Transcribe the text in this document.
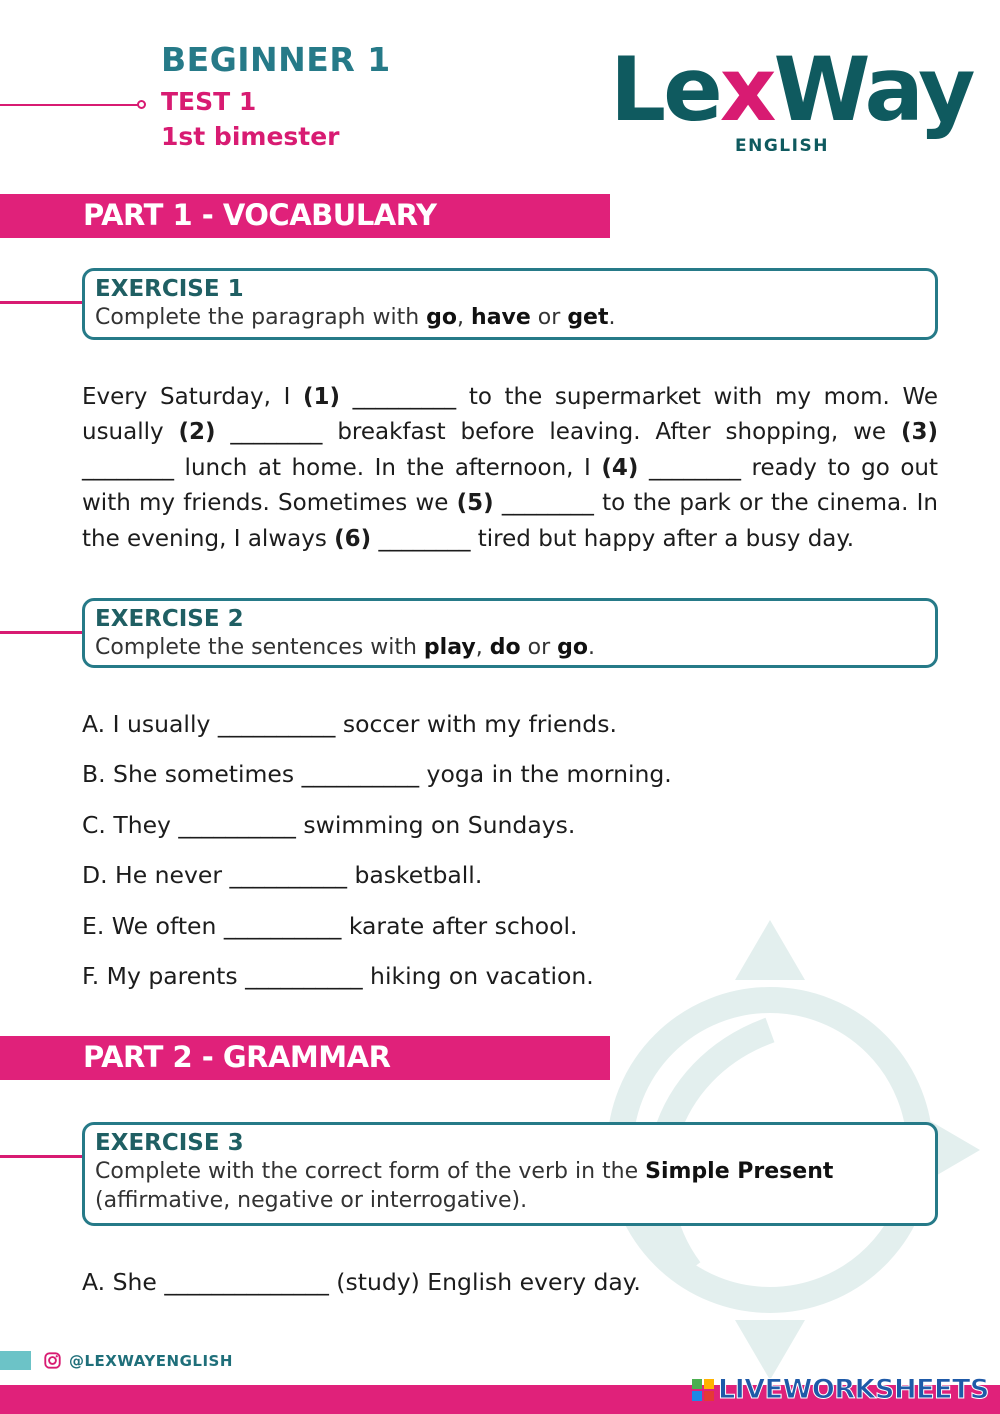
BEGINNER 1
TEST 1
1st bimester	LexWay
ENGLISH
PART 1 - VOCABULARY
EXERCISE 1
Complete the paragraph with go, have or get.
Every Saturday, I (1) _________ to the supermarket with my mom. We usually (2) ________ breakfast before leaving. After shopping, we (3) ________ lunch at home. In the afternoon, I (4) ________ ready to go out with my friends. Sometimes we (5) ________ to the park or the cinema. In the evening, I always (6) ________ tired but happy after a busy day.
EXERCISE 2
Complete the sentences with play, do or go.
A. I usually __________ soccer with my friends.
B. She sometimes __________ yoga in the morning.
C. They __________ swimming on Sundays.
D. He never __________ basketball.
E. We often __________ karate after school.
F. My parents __________ hiking on vacation.
PART 2 - GRAMMAR
EXERCISE 3
Complete with the correct form of the verb in the Simple Present
(affirmative, negative or interrogative).
A. She ______________ (study) English every day.
@LEXWAYENGLISH
LIVEWORKSHEETS
